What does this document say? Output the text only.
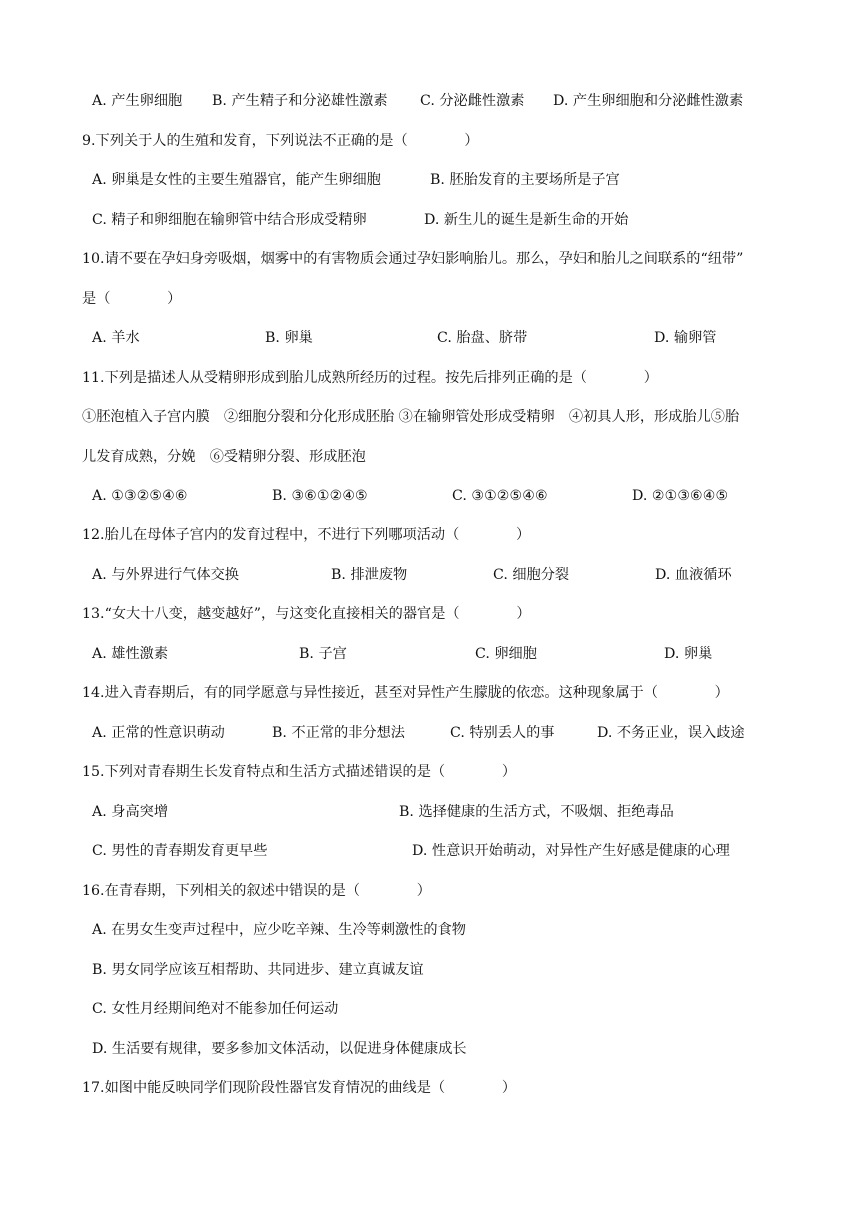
A. 产生卵细胞 B. 产生精子和分泌雄性激素 C. 分泌雌性激素 D. 产生卵细胞和分泌雌性激素
9.下列关于人的生殖和发育，下列说法不正确的是（　　　　）
A. 卵巢是女性的主要生殖器官，能产生卵细胞	B. 胚胎发育的主要场所是子宫
C. 精子和卵细胞在输卵管中结合形成受精卵	D. 新生儿的诞生是新生命的开始
10.请不要在孕妇身旁吸烟，烟雾中的有害物质会通过孕妇影响胎儿。那么，孕妇和胎儿之间联系的“纽带”
是（　　　　）
A. 羊水	B. 卵巢	C. 胎盘、脐带	D. 输卵管
11.下列是描述人从受精卵形成到胎儿成熟所经历的过程。按先后排列正确的是（　　　　）
①胚泡植入子宫内膜　②细胞分裂和分化形成胚胎 ③在输卵管处形成受精卵　④初具人形，形成胎儿⑤胎
儿发育成熟，分娩　⑥受精卵分裂、形成胚泡
A. ①③②⑤④⑥	B. ③⑥①②④⑤	C. ③①②⑤④⑥	D. ②①③⑥④⑤
12.胎儿在母体子宫内的发育过程中，不进行下列哪项活动（　　　　）
A. 与外界进行气体交换	B. 排泄废物	C. 细胞分裂	D. 血液循环
13.“女大十八变，越变越好”，与这变化直接相关的器官是（　　　　）
A. 雄性激素	B. 子宫	C. 卵细胞	D. 卵巢
14.进入青春期后，有的同学愿意与异性接近，甚至对异性产生朦胧的依恋。这种现象属于（　　　　）
A. 正常的性意识萌动	B. 不正常的非分想法	C. 特别丢人的事	D. 不务正业，误入歧途
15.下列对青春期生长发育特点和生活方式描述错误的是（　　　　）
A. 身高突增	B. 选择健康的生活方式，不吸烟、拒绝毒品
C. 男性的青春期发育更早些	D. 性意识开始萌动，对异性产生好感是健康的心理
16.在青春期，下列相关的叙述中错误的是（　　　　）
A. 在男女生变声过程中，应少吃辛辣、生冷等刺激性的食物
B. 男女同学应该互相帮助、共同进步、建立真诚友谊
C. 女性月经期间绝对不能参加任何运动
D. 生活要有规律，要多参加文体活动，以促进身体健康成长
17.如图中能反映同学们现阶段性器官发育情况的曲线是（　　　　）
